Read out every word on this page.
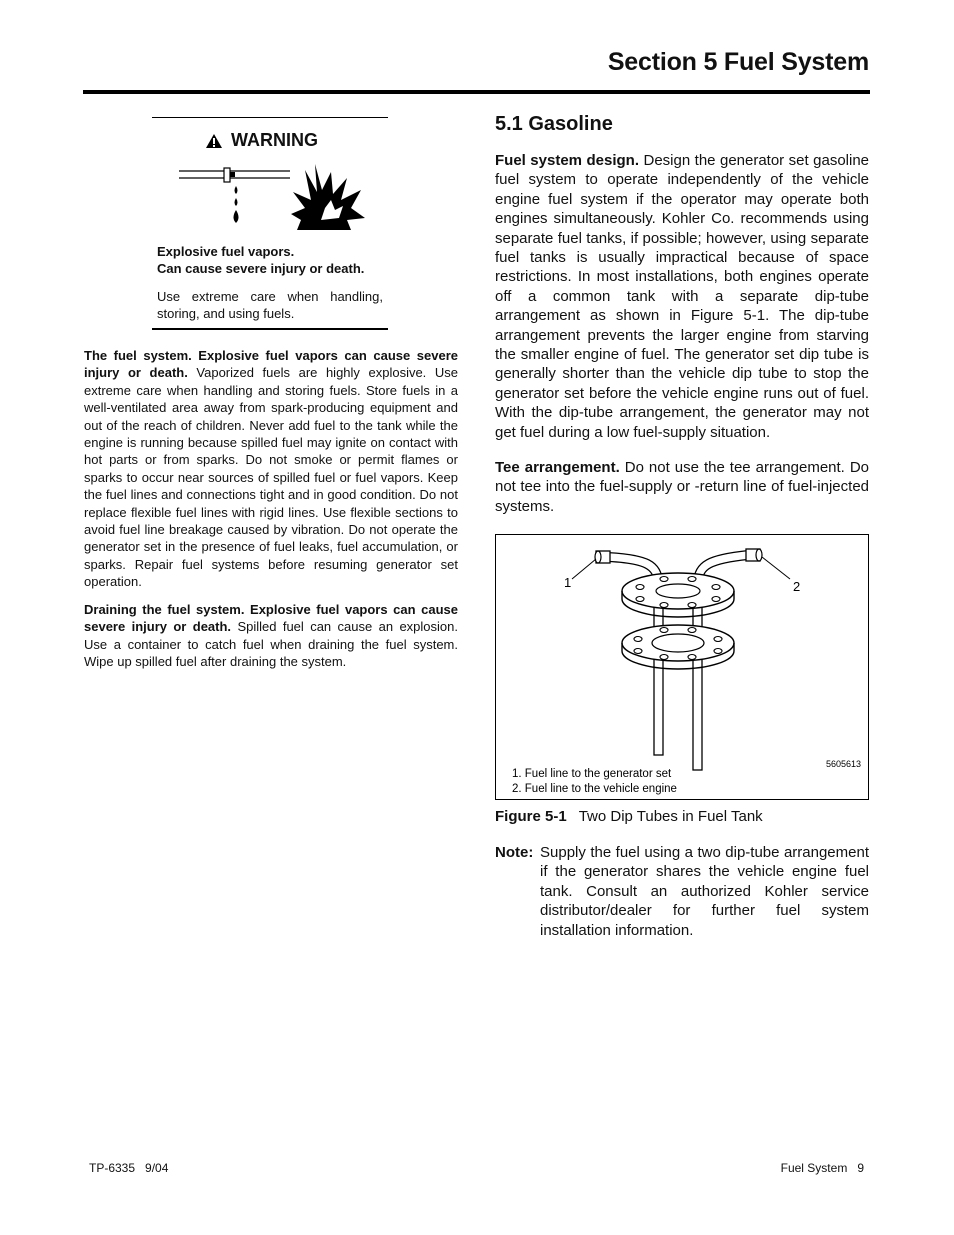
Section 5 Fuel System
WARNING
Explosive fuel vapors.
Can cause severe injury or death.
Use extreme care when handling, storing, and using fuels.

The fuel system. Explosive fuel vapors can cause severe injury or death. Vaporized fuels are highly explosive. Use extreme care when handling and storing fuels. Store fuels in a well-ventilated area away from spark-producing equipment and out of the reach of children. Never add fuel to the tank while the engine is running because spilled fuel may ignite on contact with hot parts or from sparks. Do not smoke or permit flames or sparks to occur near sources of spilled fuel or fuel vapors. Keep the fuel lines and connections tight and in good condition. Do not replace flexible fuel lines with rigid lines. Use flexible sections to avoid fuel line breakage caused by vibration. Do not operate the generator set in the presence of fuel leaks, fuel accumulation, or sparks. Repair fuel systems before resuming generator set operation.

Draining the fuel system. Explosive fuel vapors can cause severe injury or death. Spilled fuel can cause an explosion. Use a container to catch fuel when draining the fuel system. Wipe up spilled fuel after draining the system.

5.1 Gasoline

Fuel system design. Design the generator set gasoline fuel system to operate independently of the vehicle engine fuel system if the operator may operate both engines simultaneously. Kohler Co. recommends using separate fuel tanks, if possible; however, using separate fuel tanks is usually impractical because of space restrictions. In most installations, both engines operate off a common tank with a separate dip-tube arrangement as shown in Figure 5-1. The dip-tube arrangement prevents the larger engine from starving the smaller engine of fuel. The generator set dip tube is generally shorter than the vehicle dip tube to stop the generator set before the vehicle engine runs out of fuel. With the dip-tube arrangement, the generator may not get fuel during a low fuel-supply situation.

Tee arrangement. Do not use the tee arrangement. Do not tee into the fuel-supply or -return line of fuel-injected systems.

1	2
5605613
1. Fuel line to the generator set
2. Fuel line to the vehicle engine
Figure 5-1 Two Dip Tubes in Fuel Tank
Note: Supply the fuel using a two dip-tube arrangement if the generator shares the vehicle engine fuel tank. Consult an authorized Kohler service distributor/dealer for further fuel system installation information.
TP-6335   9/04	Fuel System   9
